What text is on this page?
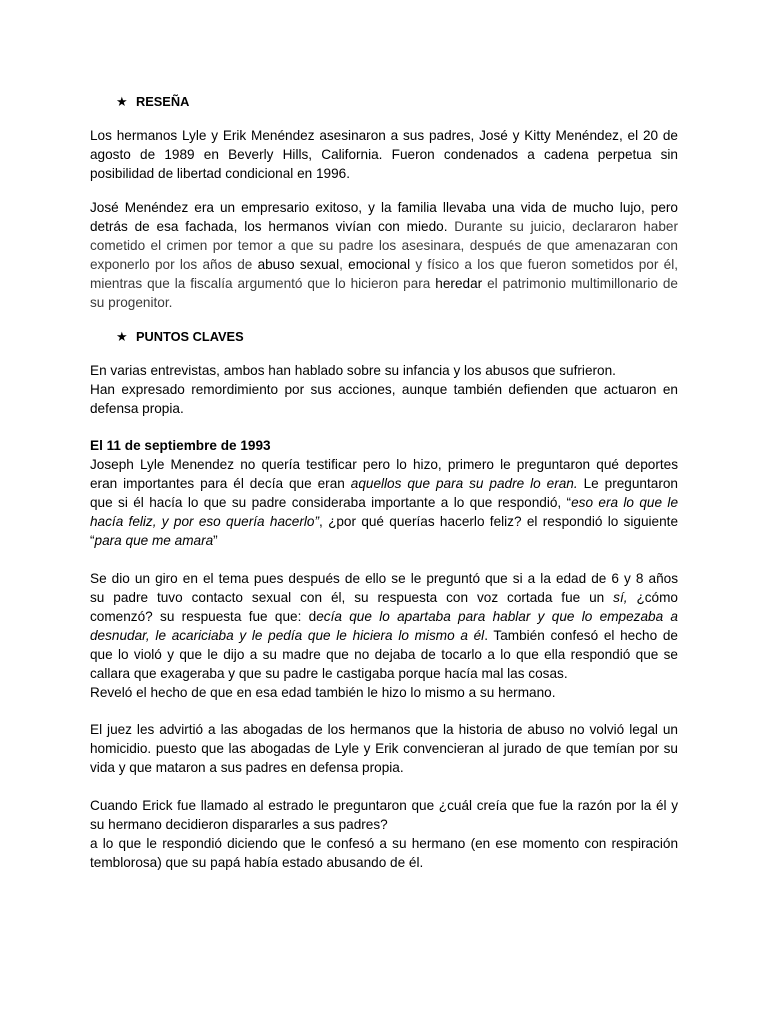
★ RESEÑA
Los hermanos Lyle y Erik Menéndez asesinaron a sus padres, José y Kitty Menéndez, el 20 de
agosto de 1989 en Beverly Hills, California. Fueron condenados a cadena perpetua sin
posibilidad de libertad condicional en 1996.
José Menéndez era un empresario exitoso, y la familia llevaba una vida de mucho lujo, pero
detrás de esa fachada, los hermanos vivían con miedo. Durante su juicio, declararon haber
cometido el crimen por temor a que su padre los asesinara, después de que amenazaran con
exponerlo por los años de abuso sexual, emocional y físico a los que fueron sometidos por él,
mientras que la fiscalía argumentó que lo hicieron para heredar el patrimonio multimillonario de
su progenitor.
★ PUNTOS CLAVES
En varias entrevistas, ambos han hablado sobre su infancia y los abusos que sufrieron.
Han expresado remordimiento por sus acciones, aunque también defienden que actuaron en
defensa propia.
El 11 de septiembre de 1993
Joseph Lyle Menendez no quería testificar pero lo hizo, primero le preguntaron qué deportes
eran importantes para él decía que eran aquellos que para su padre lo eran. Le preguntaron
que si él hacía lo que su padre consideraba importante a lo que respondió, “eso era lo que le
hacía feliz, y por eso quería hacerlo”, ¿por qué querías hacerlo feliz? el respondió lo siguiente
“para que me amara”
Se dio un giro en el tema pues después de ello se le preguntó que si a la edad de 6 y 8 años
su padre tuvo contacto sexual con él, su respuesta con voz cortada fue un sí, ¿cómo
comenzó? su respuesta fue que: decía que lo apartaba para hablar y que lo empezaba a
desnudar, le acariciaba y le pedía que le hiciera lo mismo a él. También confesó el hecho de
que lo violó y que le dijo a su madre que no dejaba de tocarlo a lo que ella respondió que se
callara que exageraba y que su padre le castigaba porque hacía mal las cosas.
Reveló el hecho de que en esa edad también le hizo lo mismo a su hermano.
El juez les advirtió a las abogadas de los hermanos que la historia de abuso no volvió legal un
homicidio. puesto que las abogadas de Lyle y Erik convencieran al jurado de que temían por su
vida y que mataron a sus padres en defensa propia.
Cuando Erick fue llamado al estrado le preguntaron que ¿cuál creía que fue la razón por la él y
su hermano decidieron dispararles a sus padres?
a lo que le respondió diciendo que le confesó a su hermano (en ese momento con respiración
temblorosa) que su papá había estado abusando de él.
